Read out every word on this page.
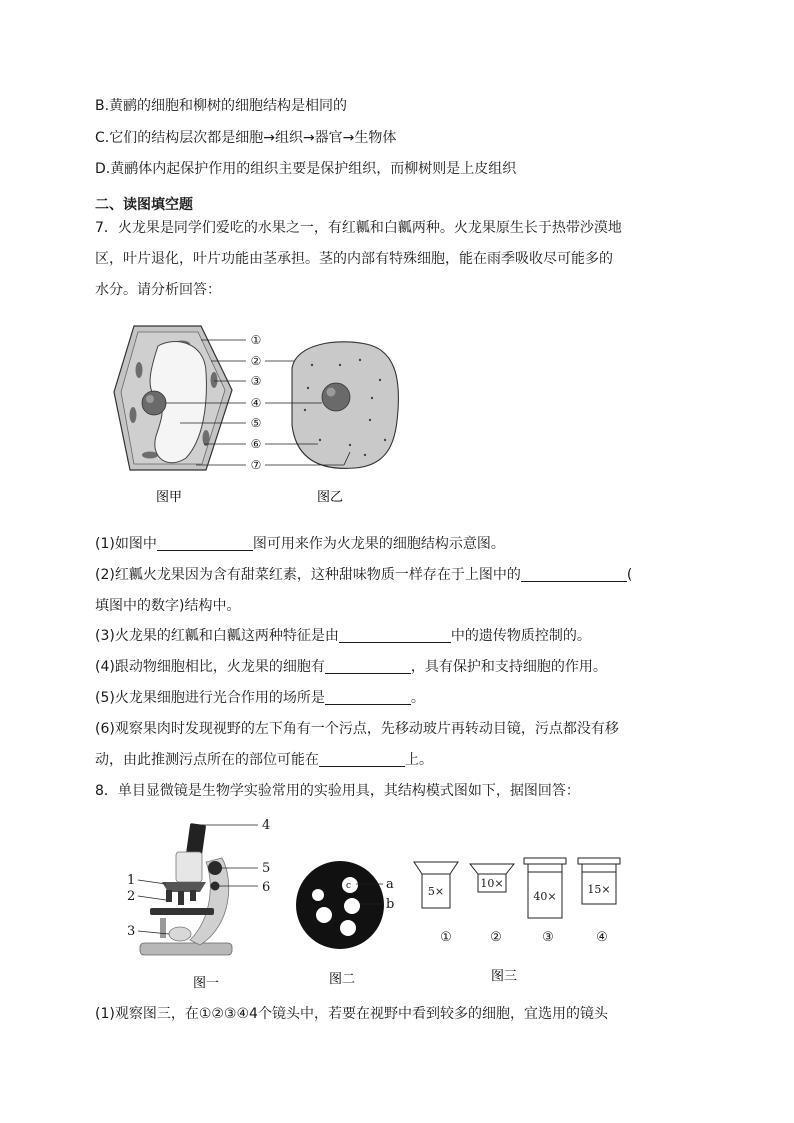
B.黄鹂的细胞和柳树的细胞结构是相同的
C.它们的结构层次都是细胞→组织→器官→生物体
D.黄鹂体内起保护作用的组织主要是保护组织，而柳树则是上皮组织
二、读图填空题
7．火龙果是同学们爱吃的水果之一，有红瓤和白瓤两种。火龙果原生长于热带沙漠地
区，叶片退化，叶片功能由茎承担。茎的内部有特殊细胞，能在雨季吸收尽可能多的
水分。请分析回答：
①
②
③
④
⑤
⑥
⑦
图甲	图乙
(1)如图中	图可用来作为火龙果的细胞结构示意图。
(2)红瓤火龙果因为含有甜菜红素，这种甜味物质一样存在于上图中的	(
填图中的数字)结构中。
(3)火龙果的红瓤和白瓤这两种特征是由	中的遗传物质控制的。
(4)跟动物细胞相比，火龙果的细胞有	，具有保护和支持细胞的作用。
(5)火龙果细胞进行光合作用的场所是	。
(6)观察果肉时发现视野的左下角有一个污点，先移动玻片再转动目镜，污点都没有移
动，由此推测污点所在的部位可能在	上。
8．单目显微镜是生物学实验常用的实验用具，其结构模式图如下，据图回答：
1
2
3
4
5
6
图一
c	a
b
图二
5×
10×
40×
15×
①	②	③	④
图三
(1)观察图三，在①②③④4个镜头中，若要在视野中看到较多的细胞，宜选用的镜头
